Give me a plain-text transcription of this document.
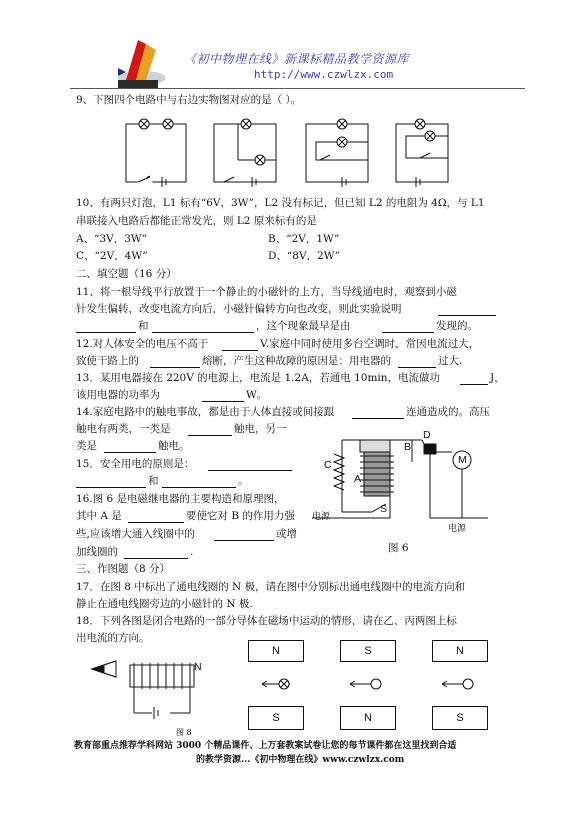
《初中物理在线》新课标精品教学资源库
http://www.czwlzx.com
9、下图四个电路中与右边实物图对应的是（ ）。
10、有两只灯泡，L1 标有“6V，3W”，L2 没有标记，但已知 L2 的电阻为 4Ω，与 L1
串联接入电路后都能正常发光，则 L2 原来标有的是
A、“3V，3W”	B、“2V，1W”
C、“2V，4W”	D、“8V，2W”
二、填空题（16 分）
11、将一根导线平行放置于一个静止的小磁针的上方，当导线通电时，观察到小磁
针发生偏转，改变电流方向后，小磁针偏转方向也改变，则此实验说明
和	，这个现象最早是由	发现的。
12.对人体安全的电压不高于	V.家庭中同时使用多台空调时，常因电流过大，
致使干路上的	熔断，产生这种故障的原因是：用电器的	过大.
13．某用电器接在 220V 的电源上，电流是 1.2A，若通电 10min，电流做功	J，
该用电器的功率为	W。
14.家庭电路中的触电事故，都是由于人体直接或间接跟	连通造成的。高压
触电有两类，一类是	触电，另一
类是	触电。
15．安全用电的原则是：
和	。
16.图 6 是电磁继电器的主要构造和原理图，
其中 A 是	要使它对 B 的作用力强
些,应该增大通入线圈中的	或增
加线圈的	.
D
B
C
A
M
S
电源
电源
图 6
三、作图题（8 分）
17．在图 8 中标出了通电线圈的 N 极，请在图中分别标出通电线圈中的电流方向和
静止在通电线圈旁边的小磁针的 N 极.
18．下列各图是闭合电路的一部分导体在磁场中运动的情形，请在乙、丙两图上标
出电流的方向。
N
图 8
N	S	N
S	N	S
教育部重点推荐学科网站 3000 个精品课件、上万套教案试卷让您的每节课件都在这里找到合适
的教学资源...《初中物理在线》www.czwlzx.com
